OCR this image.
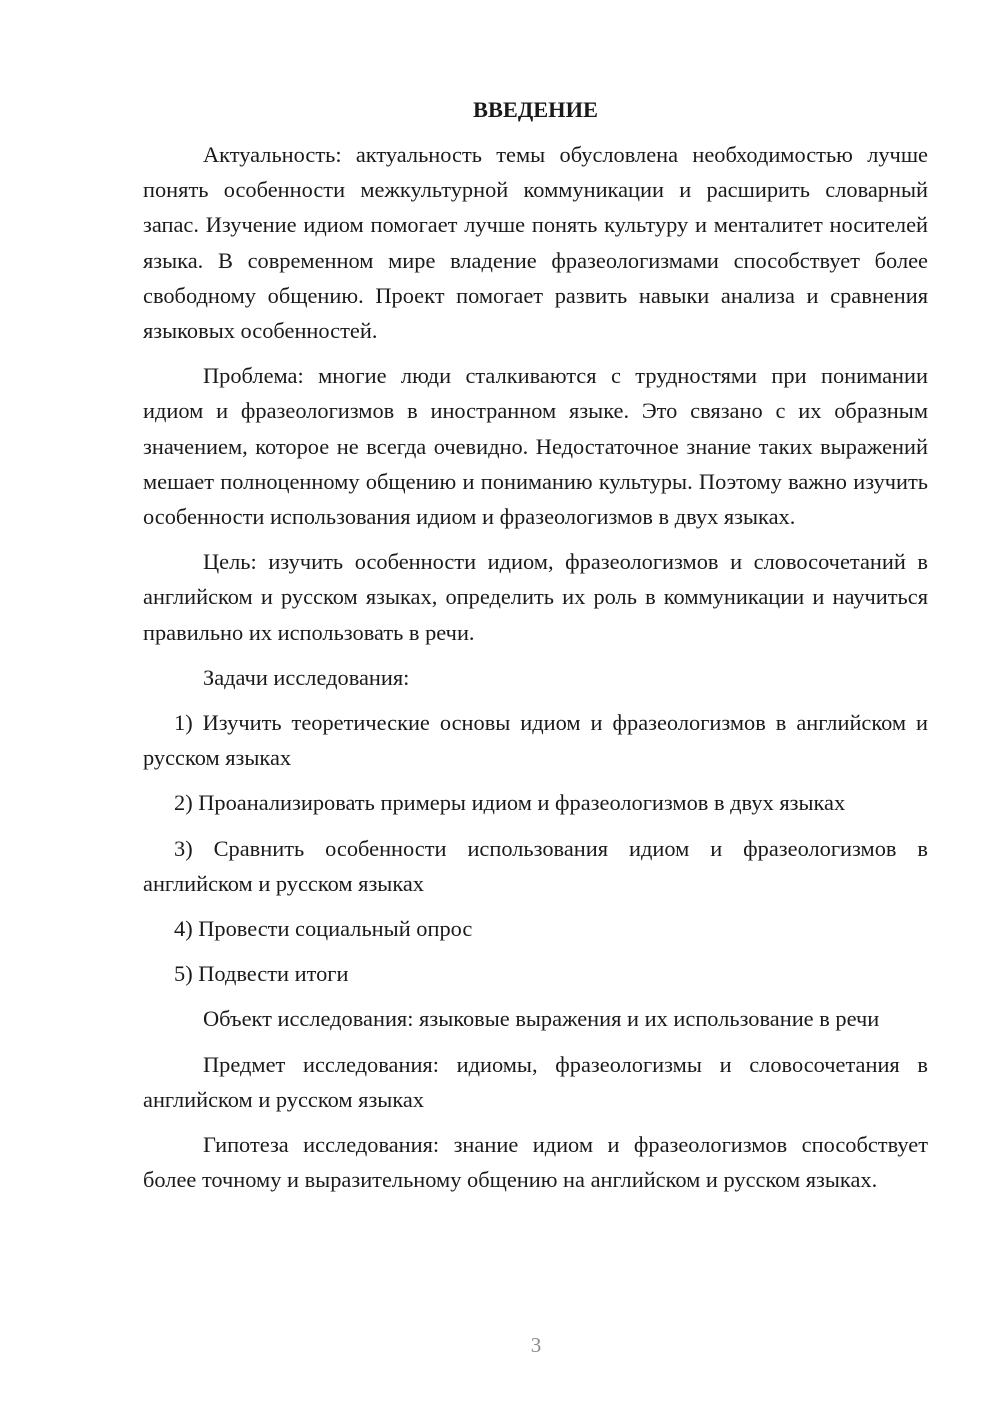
ВВЕДЕНИЕ

Актуальность: актуальность темы обусловлена необходимостью лучше понять особенности межкультурной коммуникации и расширить словарный запас. Изучение идиом помогает лучше понять культуру и менталитет носителей языка. В современном мире владение фразеологизмами способствует более свободному общению. Проект помогает развить навыки анализа и сравнения языковых особенностей.

Проблема: многие люди сталкиваются с трудностями при понимании идиом и фразеологизмов в иностранном языке. Это связано с их образным значением, которое не всегда очевидно. Недостаточное знание таких выражений мешает полноценному общению и пониманию культуры. Поэтому важно изучить особенности использования идиом и фразеологизмов в двух языках.

Цель: изучить особенности идиом, фразеологизмов и словосочетаний в английском и русском языках, определить их роль в коммуникации и научиться правильно их использовать в речи.

Задачи исследования:

1) Изучить теоретические основы идиом и фразеологизмов в английском и русском языках

2) Проанализировать примеры идиом и фразеологизмов в двух языках

3) Сравнить особенности использования идиом и фразеологизмов в английском и русском языках

4) Провести социальный опрос

5) Подвести итоги

Объект исследования: языковые выражения и их использование в речи

Предмет исследования: идиомы, фразеологизмы и словосочетания в английском и русском языках

Гипотеза исследования: знание идиом и фразеологизмов способствует более точному и выразительному общению на английском и русском языках.

3
